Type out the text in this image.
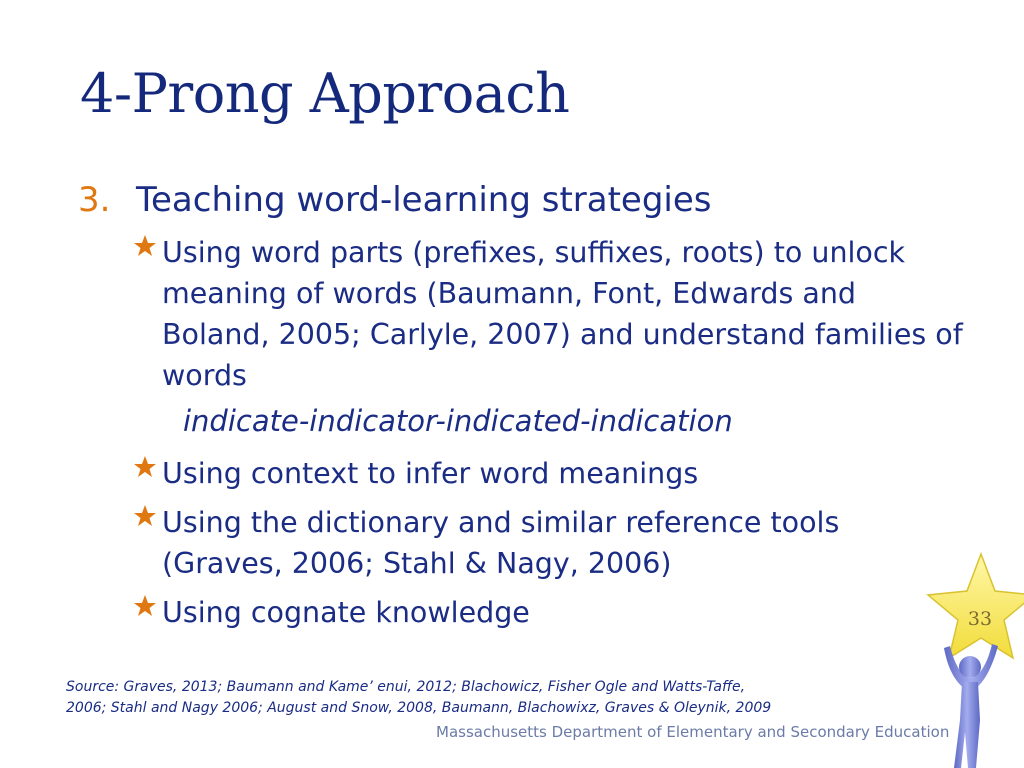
4-Prong Approach
3. Teaching word-learning strategies
Using word parts (prefixes, suffixes, roots) to unlock meaning of words (Baumann, Font, Edwards and Boland, 2005; Carlyle, 2007) and understand families of words
indicate-indicator-indicated-indication
Using context to infer word meanings
Using the dictionary and similar reference tools (Graves, 2006; Stahl & Nagy, 2006)
Using cognate knowledge
Source: Graves, 2013; Baumann and Kame’ enui, 2012; Blachowicz, Fisher Ogle and Watts-Taffe, 2006; Stahl and Nagy 2006; August and Snow, 2008, Baumann, Blachowixz, Graves & Oleynik, 2009
Massachusetts Department of Elementary and Secondary Education
33
